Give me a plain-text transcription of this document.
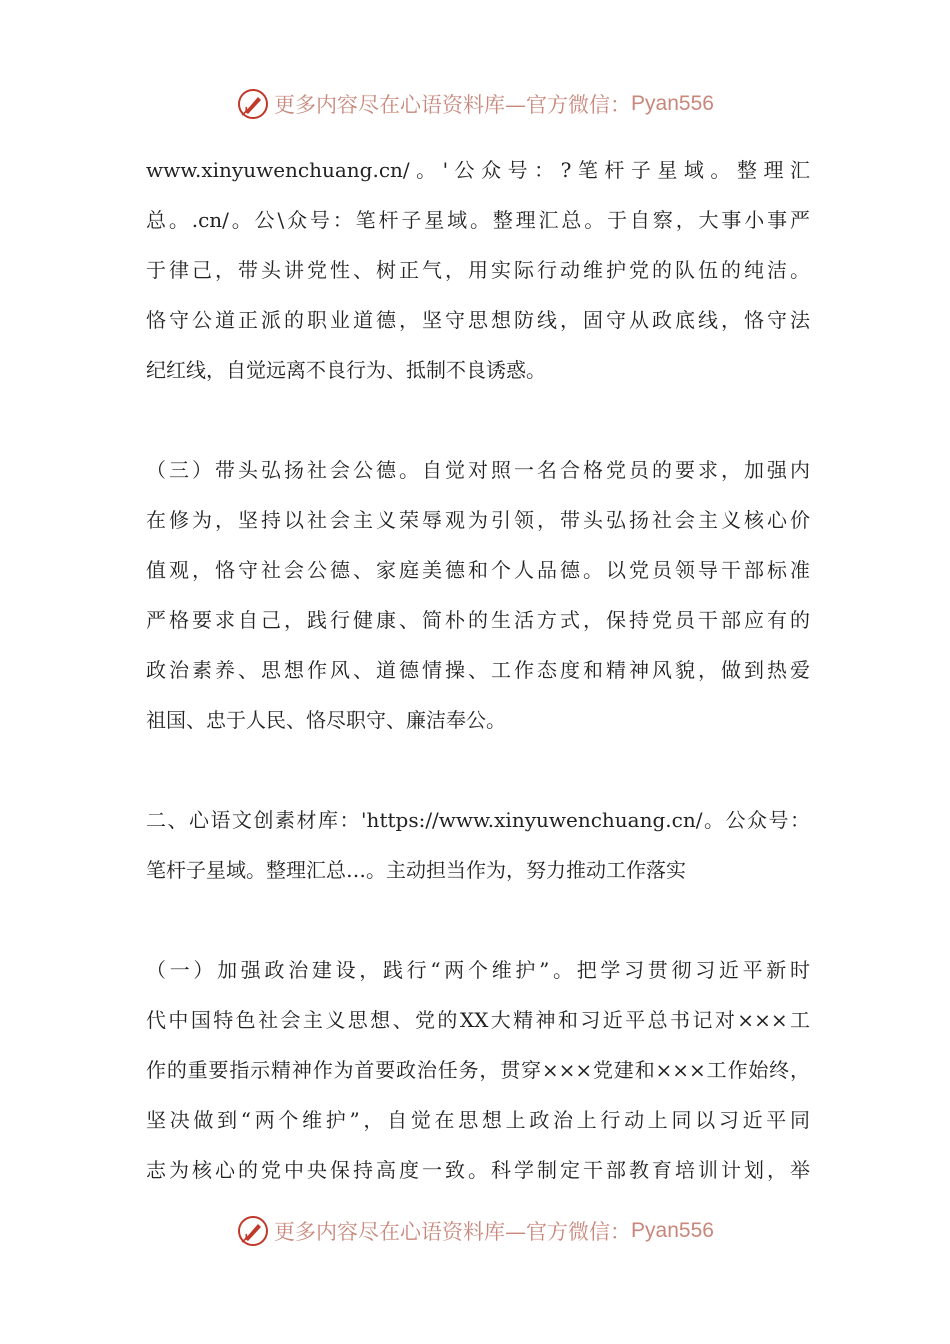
更多内容尽在心语资料库—官方微信： Pyan556
www.xinyuwenchuang.cn/ 。 ' 公 众 号 ： ? 笔 杆 子 星 域 。 整 理 汇
总。.cn/。公\众号：笔杆子星域。整理汇总。于自察，大事小事严
于律己，带头讲党性、树正气，用实际行动维护党的队伍的纯洁。
恪守公道正派的职业道德，坚守思想防线，固守从政底线，恪守法
纪红线，自觉远离不良行为、抵制不良诱惑。
（三）带头弘扬社会公德。自觉对照一名合格党员的要求，加强内
在修为，坚持以社会主义荣辱观为引领，带头弘扬社会主义核心价
值观，恪守社会公德、家庭美德和个人品德。以党员领导干部标准
严格要求自己，践行健康、简朴的生活方式，保持党员干部应有的
政治素养、思想作风、道德情操、工作态度和精神风貌，做到热爱
祖国、忠于人民、恪尽职守、廉洁奉公。
二、心语文创素材库：'https://www.xinyuwenchuang.cn/。公众号：
笔杆子星域。整理汇总…。主动担当作为，努力推动工作落实
（一）加强政治建设，践行“两个维护”。把学习贯彻习近平新时
代中国特色社会主义思想、党的XX大精神和习近平总书记对×××工
作的重要指示精神作为首要政治任务，贯穿×××党建和×××工作始终，
坚决做到“两个维护”，自觉在思想上政治上行动上同以习近平同
志为核心的党中央保持高度一致。科学制定干部教育培训计划，举
更多内容尽在心语资料库—官方微信： Pyan556
